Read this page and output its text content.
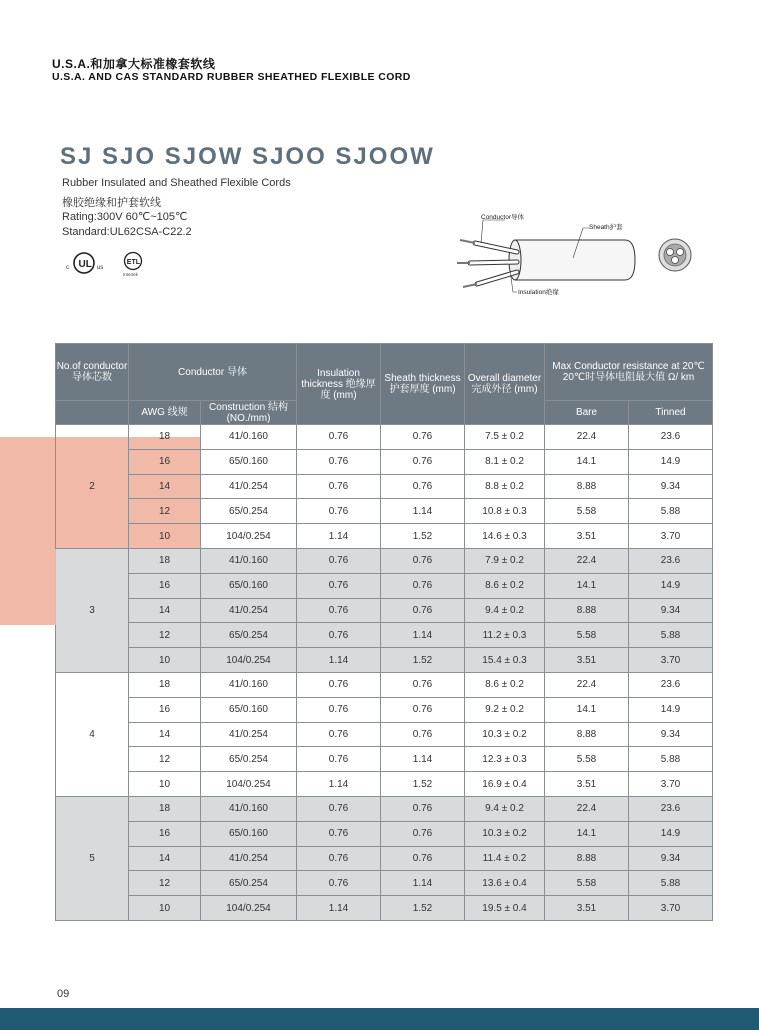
U.S.A.和加拿大标准橡套软线
U.S.A. AND CAS STANDARD RUBBER SHEATHED FLEXIBLE CORD
SJ SJO SJOW SJOO SJOOW
Rubber Insulated and Sheathed Flexible Cords
橡胶绝缘和护套软线
Rating:300V 60℃~105℃
Standard:UL62CSA-C22.2
c UL us
ETL
Intertek
Conductor导体
Sheath护套
Insulation绝缘
No.of conductor 导体芯数	Conductor 导体		Insulation thickness 绝缘厚度 (mm)	Sheath thickness 护套厚度 (mm)	Overall diameter 完成外径 (mm)	Max Conductor resistance at 20℃ 20℃时导体电阻最大值 Ω/ km	

	AWG 线规	Construction 结构 (NO./mm)				Bare	Tinned
2	18	41/0.160	0.76	0.76	7.5 ± 0.2	22.4	23.6
	16	65/0.160	0.76	0.76	8.1 ± 0.2	14.1	14.9
	14	41/0.254	0.76	0.76	8.8 ± 0.2	8.88	9.34
	12	65/0.254	0.76	1.14	10.8 ± 0.3	5.58	5.88
	10	104/0.254	1.14	1.52	14.6 ± 0.3	3.51	3.70
3	18	41/0.160	0.76	0.76	7.9 ± 0.2	22.4	23.6
	16	65/0.160	0.76	0.76	8.6 ± 0.2	14.1	14.9
	14	41/0.254	0.76	0.76	9.4 ± 0.2	8.88	9.34
	12	65/0.254	0.76	1.14	11.2 ± 0.3	5.58	5.88
	10	104/0.254	1.14	1.52	15.4 ± 0.3	3.51	3.70
4	18	41/0.160	0.76	0.76	8.6 ± 0.2	22.4	23.6
	16	65/0.160	0.76	0.76	9.2 ± 0.2	14.1	14.9
	14	41/0.254	0.76	0.76	10.3 ± 0.2	8.88	9.34
	12	65/0.254	0.76	1.14	12.3 ± 0.3	5.58	5.88
	10	104/0.254	1.14	1.52	16.9 ± 0.4	3.51	3.70
5	18	41/0.160	0.76	0.76	9.4 ± 0.2	22.4	23.6
	16	65/0.160	0.76	0.76	10.3 ± 0.2	14.1	14.9
	14	41/0.254	0.76	0.76	11.4 ± 0.2	8.88	9.34
	12	65/0.254	0.76	1.14	13.6 ± 0.4	5.58	5.88
	10	104/0.254	1.14	1.52	19.5 ± 0.4	3.51	3.70
09
